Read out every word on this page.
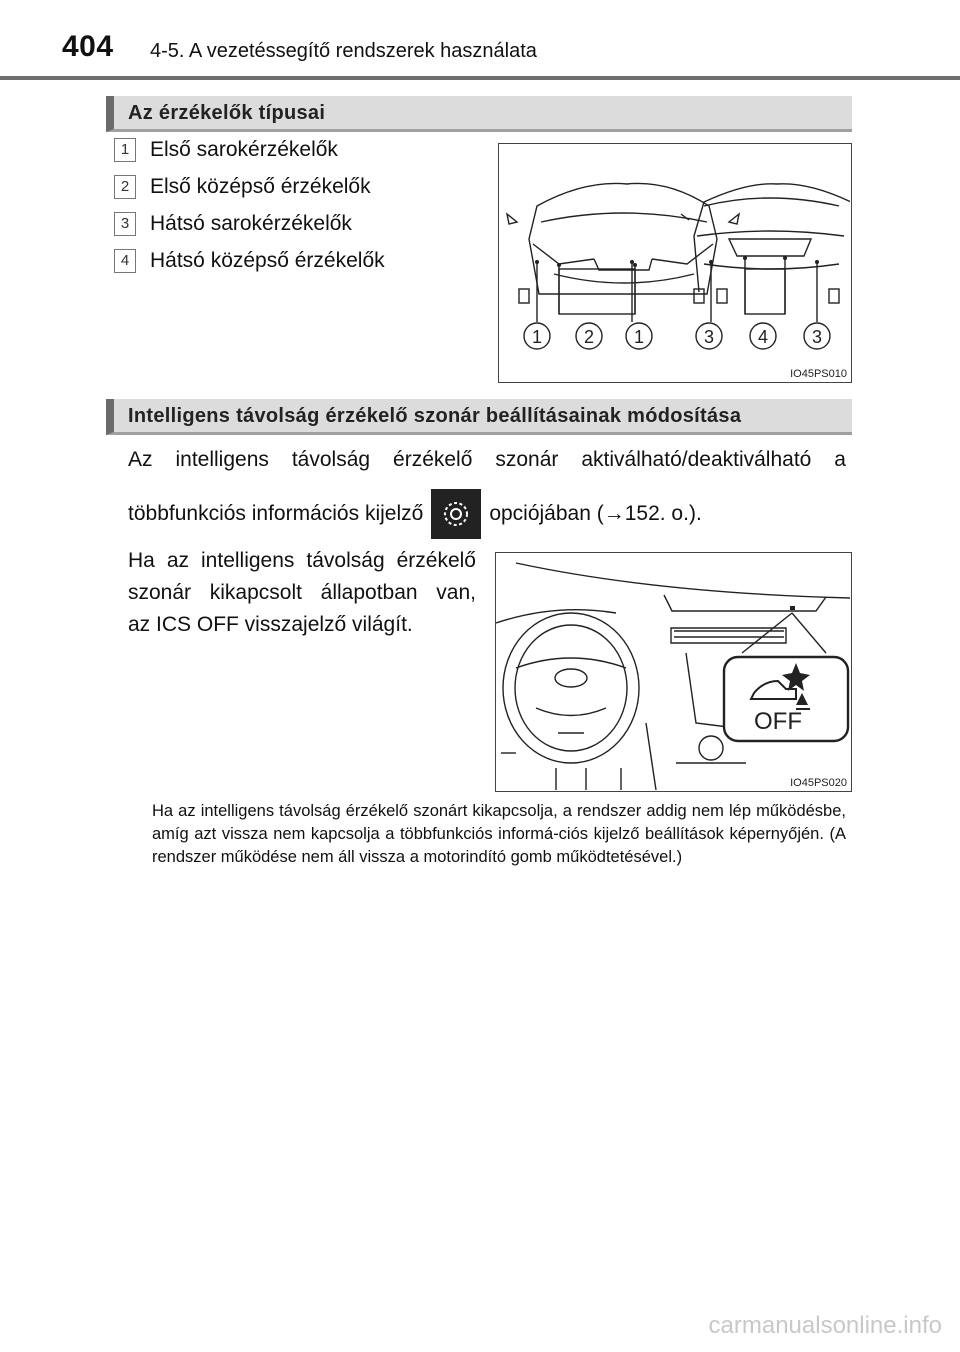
404 4-5. A vezetéssegítő rendszerek használata
Az érzékelők típusai
1 Első sarokérzékelők
2 Első középső érzékelők
3 Hátsó sarokérzékelők
4 Hátsó középső érzékelők
1 2 1	3 4 3
IO45PS010
Intelligens távolság érzékelő szonár beállításainak módosítása
Az intelligens távolság érzékelő szonár aktiválható/deaktiválható a
többfunkciós információs kijelző	opciójában (→152. o.).
Ha az intelligens távolság érzékelő
szonár kikapcsolt állapotban van,
az ICS OFF visszajelző világít.
OFF
IO45PS020
Ha az intelligens távolság érzékelő szonárt kikapcsolja, a rendszer addig nem lép működésbe, amíg azt vissza nem kapcsolja a többfunkciós informá-ciós kijelző beállítások képernyőjén. (A rendszer működése nem áll vissza a motorindító gomb működtetésével.)
carmanualsonline.info
